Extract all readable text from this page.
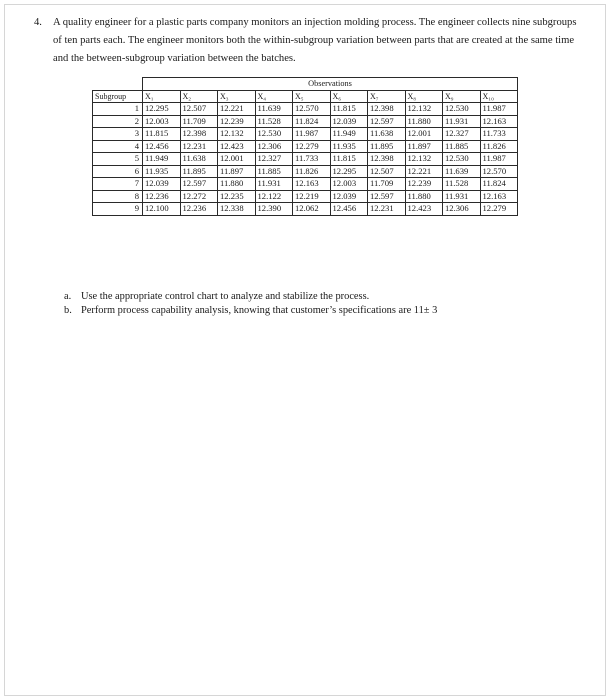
4.	A quality engineer for a plastic parts company monitors an injection molding process. The engineer collects nine subgroups of ten parts each. The engineer monitors both the within-subgroup variation between parts that are created at the same time and the between-subgroup variation between the batches.
	Observations									
Subgroup	X₁	X₂	X₃	X₄	X₅	X₆	X₇	X₈	X₉	X₁₀
1	12.295	12.507	12.221	11.639	12.570	11.815	12.398	12.132	12.530	11.987
2	12.003	11.709	12.239	11.528	11.824	12.039	12.597	11.880	11.931	12.163
3	11.815	12.398	12.132	12.530	11.987	11.949	11.638	12.001	12.327	11.733
4	12.456	12.231	12.423	12.306	12.279	11.935	11.895	11.897	11.885	11.826
5	11.949	11.638	12.001	12.327	11.733	11.815	12.398	12.132	12.530	11.987
6	11.935	11.895	11.897	11.885	11.826	12.295	12.507	12.221	11.639	12.570
7	12.039	12.597	11.880	11.931	12.163	12.003	11.709	12.239	11.528	11.824
8	12.236	12.272	12.235	12.122	12.219	12.039	12.597	11.880	11.931	12.163
9	12.100	12.236	12.338	12.390	12.062	12.456	12.231	12.423	12.306	12.279
a. Use the appropriate control chart to analyze and stabilize the process.
b. Perform process capability analysis, knowing that customer’s specifications are 11± 3
